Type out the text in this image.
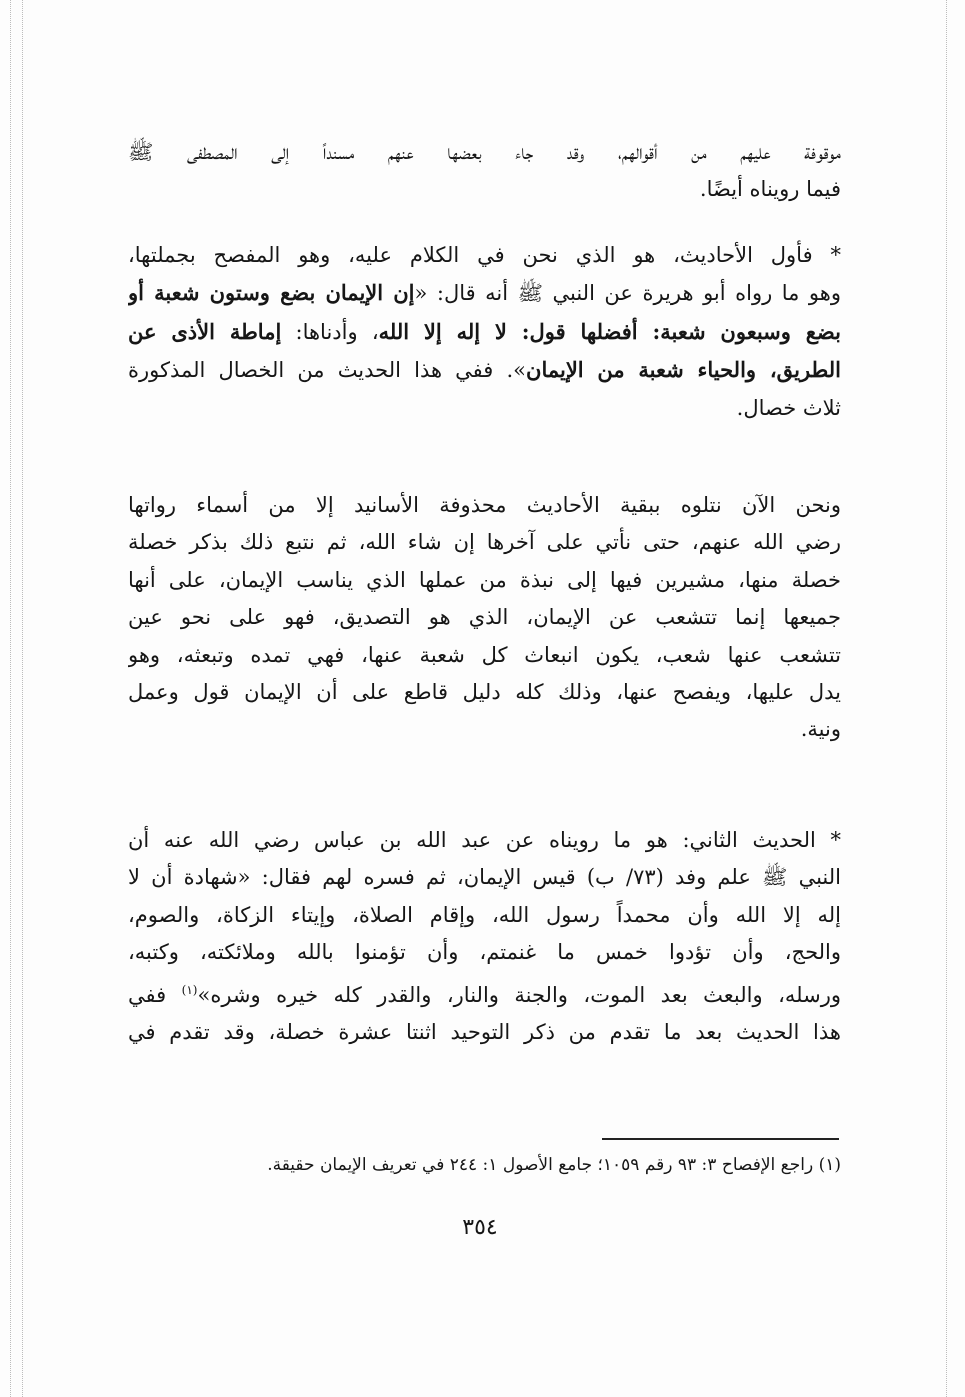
موقوفة عليهم من أقوالهم، وقد جاء بعضها عنهم مسنداً إلى المصطفى ﷺ
فيما رويناه أيضًا.
* فأول الأحاديث، هو الذي نحن في الكلام عليه، وهو المفصح بجملتها،
وهو ما رواه أبو هريرة عن النبي ﷺ أنه قال: «إن الإيمان بضع وستون شعبة أو
بضع وسبعون شعبة: أفضلها قول: لا إله إلا الله، وأدناها: إماطة الأذى عن
الطريق، والحياء شعبة من الإيمان». ففي هذا الحديث من الخصال المذكورة
ثلاث خصال.
ونحن الآن نتلوه ببقية الأحاديث محذوفة الأسانيد إلا من أسماء رواتها
رضي الله عنهم، حتى نأتي على آخرها إن شاء الله، ثم نتبع ذلك بذكر خصلة
خصلة منها، مشيرين فيها إلى نبذة من عملها الذي يناسب الإيمان، على أنها
جميعها إنما تتشعب عن الإيمان، الذي هو التصديق، فهو على نحو عين
تتشعب عنها شعب، يكون انبعاث كل شعبة عنها، فهي تمده وتبعثه، وهو
يدل عليها، ويفصح عنها، وذلك كله دليل قاطع على أن الإيمان قول وعمل
ونية.
* الحديث الثاني: هو ما رويناه عن عبد الله بن عباس رضي الله عنه أن
النبي ﷺ علم وفد (٧٣/ ب) قيس الإيمان، ثم فسره لهم فقال: «شهادة أن لا
إله إلا الله وأن محمداً رسول الله، وإقام الصلاة، وإيتاء الزكاة، والصوم،
والحج، وأن تؤدوا خمس ما غنمتم، وأن تؤمنوا بالله وملائكته، وكتبه،
ورسله، والبعث بعد الموت، والجنة والنار، والقدر كله خيره وشره»$^{(١)}$ ففي
هذا الحديث بعد ما تقدم من ذكر التوحيد اثنتا عشرة خصلة، وقد تقدم في
(١) راجع الإفصاح ٣: ٩٣ رقم ١٠٥٩؛ جامع الأصول ١: ٢٤٤ في تعريف الإيمان حقيقة.
٣٥٤
